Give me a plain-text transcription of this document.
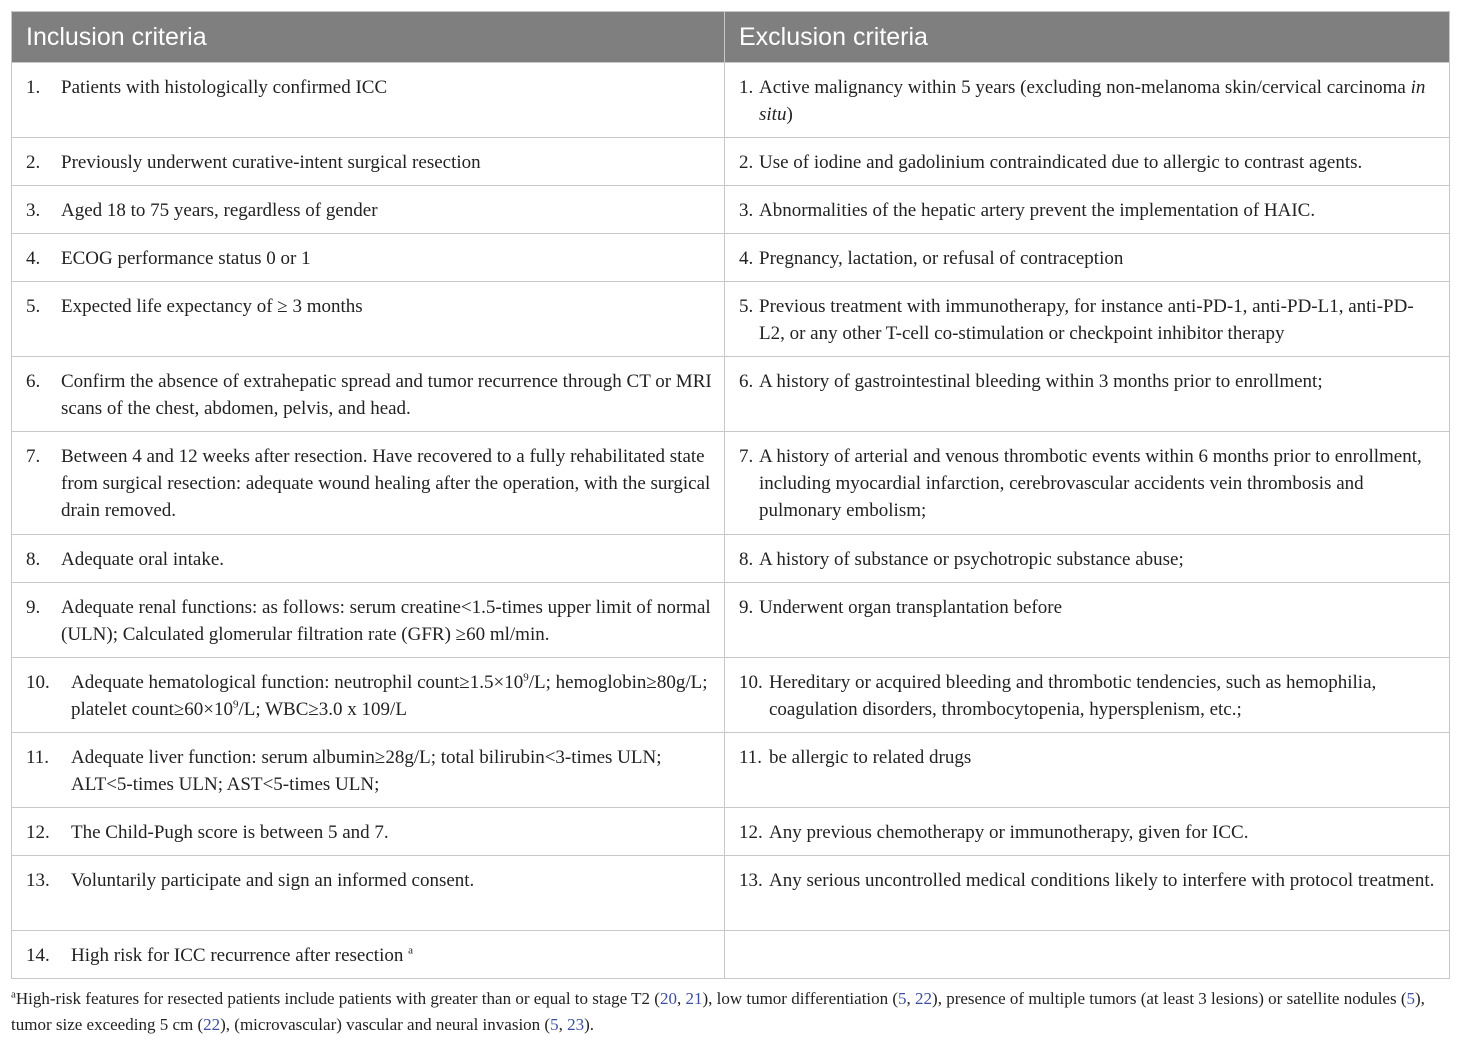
Inclusion criteria	Exclusion criteria

1. Patients with histologically confirmed ICC	1. Active malignancy within 5 years (excluding non-melanoma skin/cervical carcinoma in situ)

2. Previously underwent curative-intent surgical resection	2. Use of iodine and gadolinium contraindicated due to allergic to contrast agents.

3. Aged 18 to 75 years, regardless of gender	3. Abnormalities of the hepatic artery prevent the implementation of HAIC.

4. ECOG performance status 0 or 1	4. Pregnancy, lactation, or refusal of contraception

5. Expected life expectancy of ≥ 3 months	5. Previous treatment with immunotherapy, for instance anti-PD-1, anti-PD-L1, anti-PD-L2, or any other T-cell co-stimulation or checkpoint inhibitor therapy

6. Confirm the absence of extrahepatic spread and tumor recurrence through CT or MRI scans of the chest, abdomen, pelvis, and head.	6. A history of gastrointestinal bleeding within 3 months prior to enrollment;

7. Between 4 and 12 weeks after resection. Have recovered to a fully rehabilitated state from surgical resection: adequate wound healing after the operation, with the surgical drain removed.	7. A history of arterial and venous thrombotic events within 6 months prior to enrollment, including myocardial infarction, cerebrovascular accidents vein thrombosis and pulmonary embolism;

8. Adequate oral intake.	8. A history of substance or psychotropic substance abuse;

9. Adequate renal functions: as follows: serum creatine<1.5-times upper limit of normal (ULN); Calculated glomerular filtration rate (GFR) ≥60 ml/min.	9. Underwent organ transplantation before

10. Adequate hematological function: neutrophil $count\ge 1.5\times 10^9/L$; hemoglobin≥80g/L; platelet $count\ge 60\times 10^9/L$; WBC≥3.0 x 109/L	10. Hereditary or acquired bleeding and thrombotic tendencies, such as hemophilia, coagulation disorders, thrombocytopenia, hypersplenism, etc.;

11. Adequate liver function: serum albumin≥28g/L; total bilirubin<3-times ULN; ALT<5-times ULN; AST<5-times ULN;	11. be allergic to related drugs

12. The Child-Pugh score is between 5 and 7.	12. Any previous chemotherapy or immunotherapy, given for ICC.

13. Voluntarily participate and sign an informed consent.	13. Any serious uncontrolled medical conditions likely to interfere with protocol treatment.

14. High risk for ICC recurrence after resection $^a$

$^a$High-risk features for resected patients include patients with greater than or equal to stage T2 (20, 21), low tumor differentiation (5, 22), presence of multiple tumors (at least 3 lesions) or satellite nodules (5), tumor size exceeding 5 cm (22), (microvascular) vascular and neural invasion (5, 23).
